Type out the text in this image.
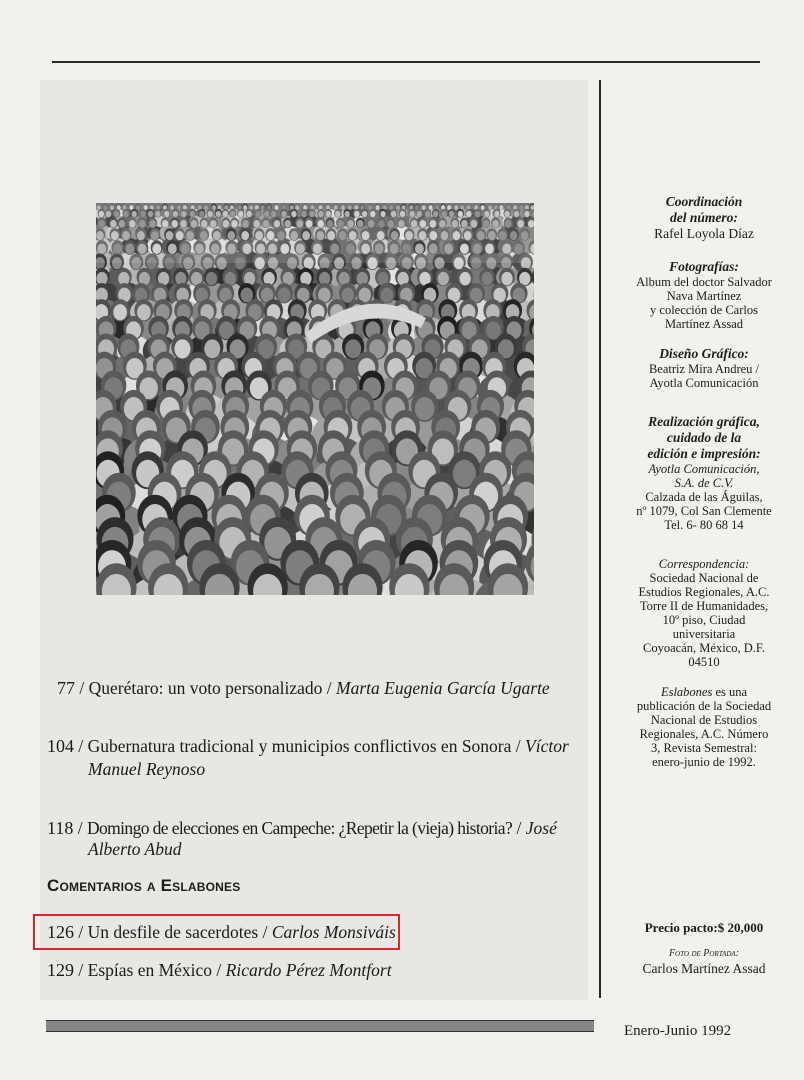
77 / Querétaro: un voto personalizado / Marta Eugenia García Ugarte
104 / Gubernatura tradicional y municipios conflictivos en Sonora / Víctor
Manuel Reynoso
118 / Domingo de elecciones en Campeche: ¿Repetir la (vieja) historia? / José
Alberto Abud
Comentarios a Eslabones
126 / Un desfile de sacerdotes / Carlos Monsiváis
129 / Espías en México / Ricardo Pérez Montfort
Coordinación
del número:
Rafel Loyola Díaz
Fotografías:
Album del doctor Salvador
Nava Martínez
y colección de Carlos
Martínez Assad
Diseño Gráfico:
Beatriz Mira Andreu /
Ayotla Comunicación
Realización gráfica,
cuidado de la
edición e impresión:
Ayotla Comunicación,
S.A. de C.V.
Calzada de las Águilas,
nº 1079, Col San Clemente
Tel. 6- 80 68 14
Correspondencia:
Sociedad Nacional de
Estudios Regionales, A.C.
Torre II de Humanidades,
10º piso, Ciudad
universitaria
Coyoacán, México, D.F.
04510
Eslabones es una
publicación de la Sociedad
Nacional de Estudios
Regionales, A.C. Número
3, Revista Semestral:
enero-junio de 1992.
Precio pacto:$ 20,000
Foto de Portada:
Carlos Martínez Assad
Enero-Junio 1992
